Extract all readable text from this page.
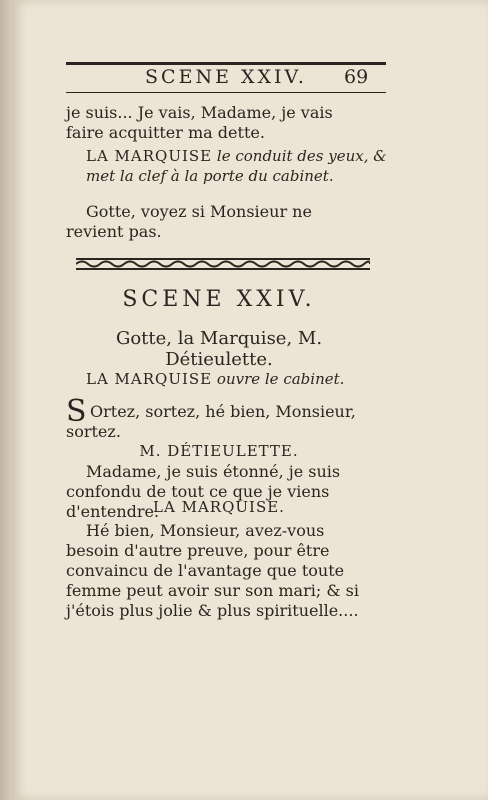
SCENE XXIV.	69
je suis... Je vais, Madame, je vais faire acquitter ma dette.
LA MARQUISE le conduit des yeux, & met la clef à la porte du cabinet.
Gotte, voyez si Monsieur ne revient pas.
SCENE XXIV.
Gotte, la Marquise, M. Détieulette.
LA MARQUISE ouvre le cabinet.
S Ortez, sortez, hé bien, Monsieur, sortez.
M. DÉTIEULETTE.
Madame, je suis étonné, je suis confondu de tout ce que je viens d'entendre.
LA MARQUISE.
Hé bien, Monsieur, avez-vous besoin d'autre preuve, pour être convaincu de l'avantage que toute femme peut avoir sur son mari; & si j'étois plus jolie & plus spirituelle....
